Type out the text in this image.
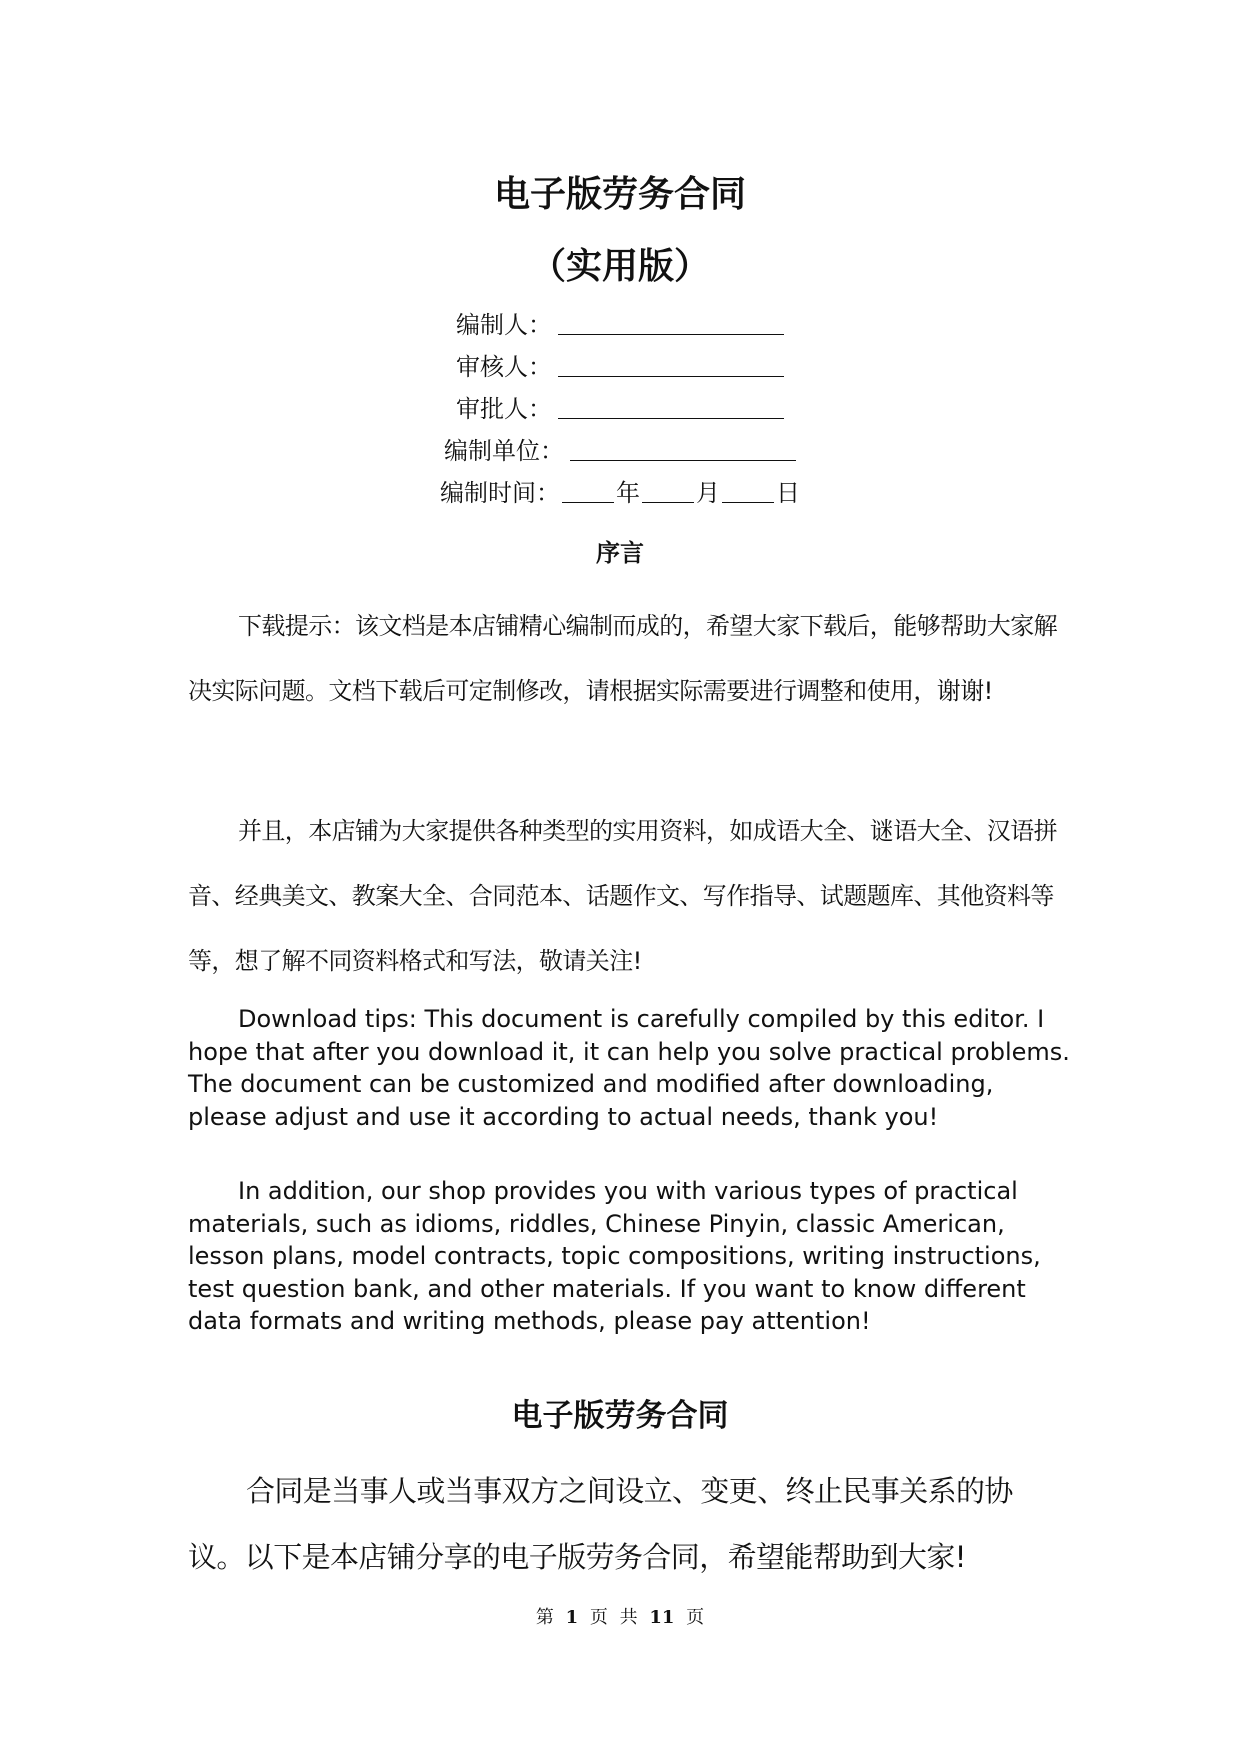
电子版劳务合同
（实用版）
编制人：
审核人：
审批人：
编制单位：
编制时间： 年 月 日
序言

下载提示：该文档是本店铺精心编制而成的，希望大家下载后，能够帮助大家解决实际问题。文档下载后可定制修改，请根据实际需要进行调整和使用，谢谢!

并且，本店铺为大家提供各种类型的实用资料，如成语大全、谜语大全、汉语拼音、经典美文、教案大全、合同范本、话题作文、写作指导、试题题库、其他资料等等，想了解不同资料格式和写法，敬请关注!

Download tips: This document is carefully compiled by this editor. I hope that after you download it, it can help you solve practical problems. The document can be customized and modified after downloading, please adjust and use it according to actual needs, thank you!

In addition, our shop provides you with various types of practical materials, such as idioms, riddles, Chinese Pinyin, classic American, lesson plans, model contracts, topic compositions, writing instructions, test question bank, and other materials. If you want to know different data formats and writing methods, please pay attention!

电子版劳务合同

合同是当事人或当事双方之间设立、变更、终止民事关系的协议。以下是本店铺分享的电子版劳务合同，希望能帮助到大家!

第 1 页 共 11 页
